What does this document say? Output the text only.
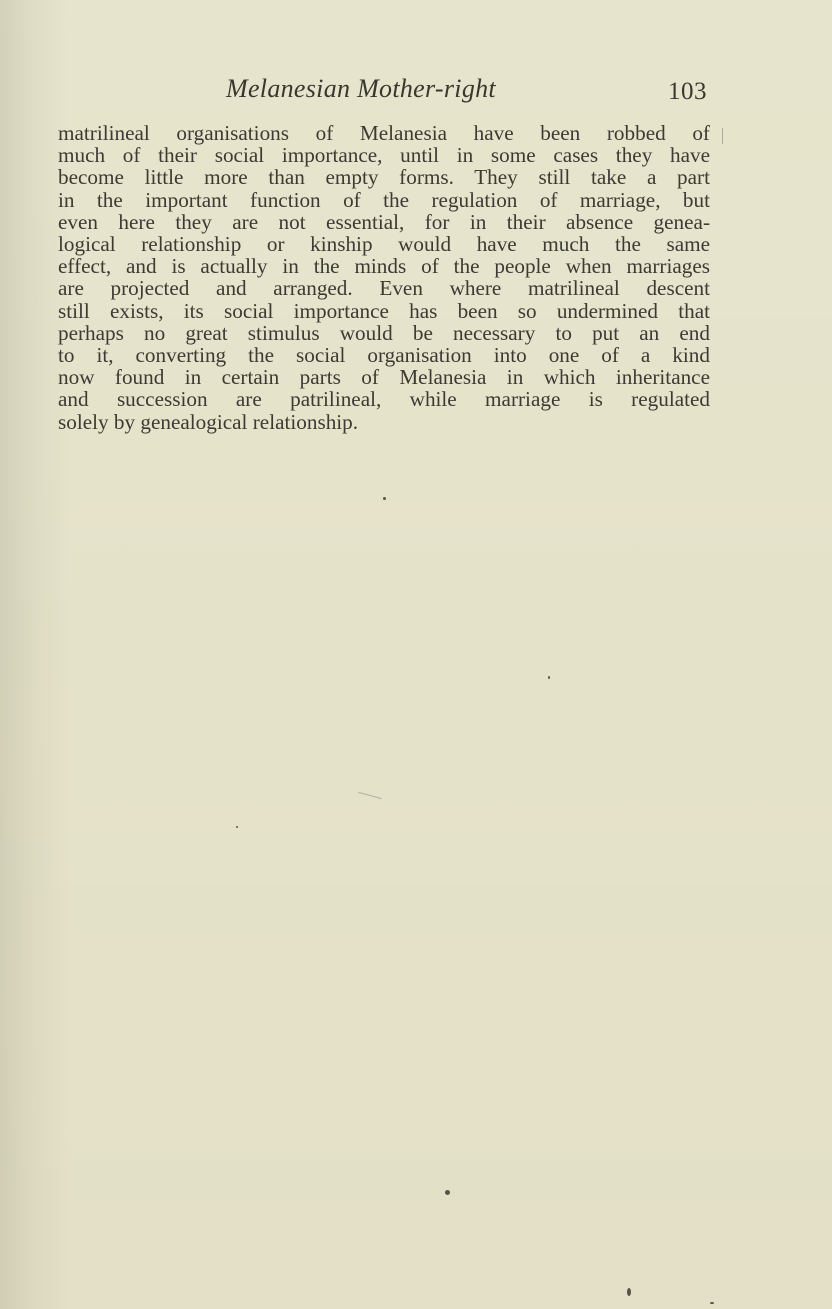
Melanesian Mother-right	103
matrilineal organisations of Melanesia have been robbed of
much of their social importance, until in some cases they have
become little more than empty forms. They still take a part
in the important function of the regulation of marriage, but
even here they are not essential, for in their absence genea-
logical relationship or kinship would have much the same
effect, and is actually in the minds of the people when marriages
are projected and arranged. Even where matrilineal descent
still exists, its social importance has been so undermined that
perhaps no great stimulus would be necessary to put an end
to it, converting the social organisation into one of a kind
now found in certain parts of Melanesia in which inheritance
and succession are patrilineal, while marriage is regulated
solely by genealogical relationship.
